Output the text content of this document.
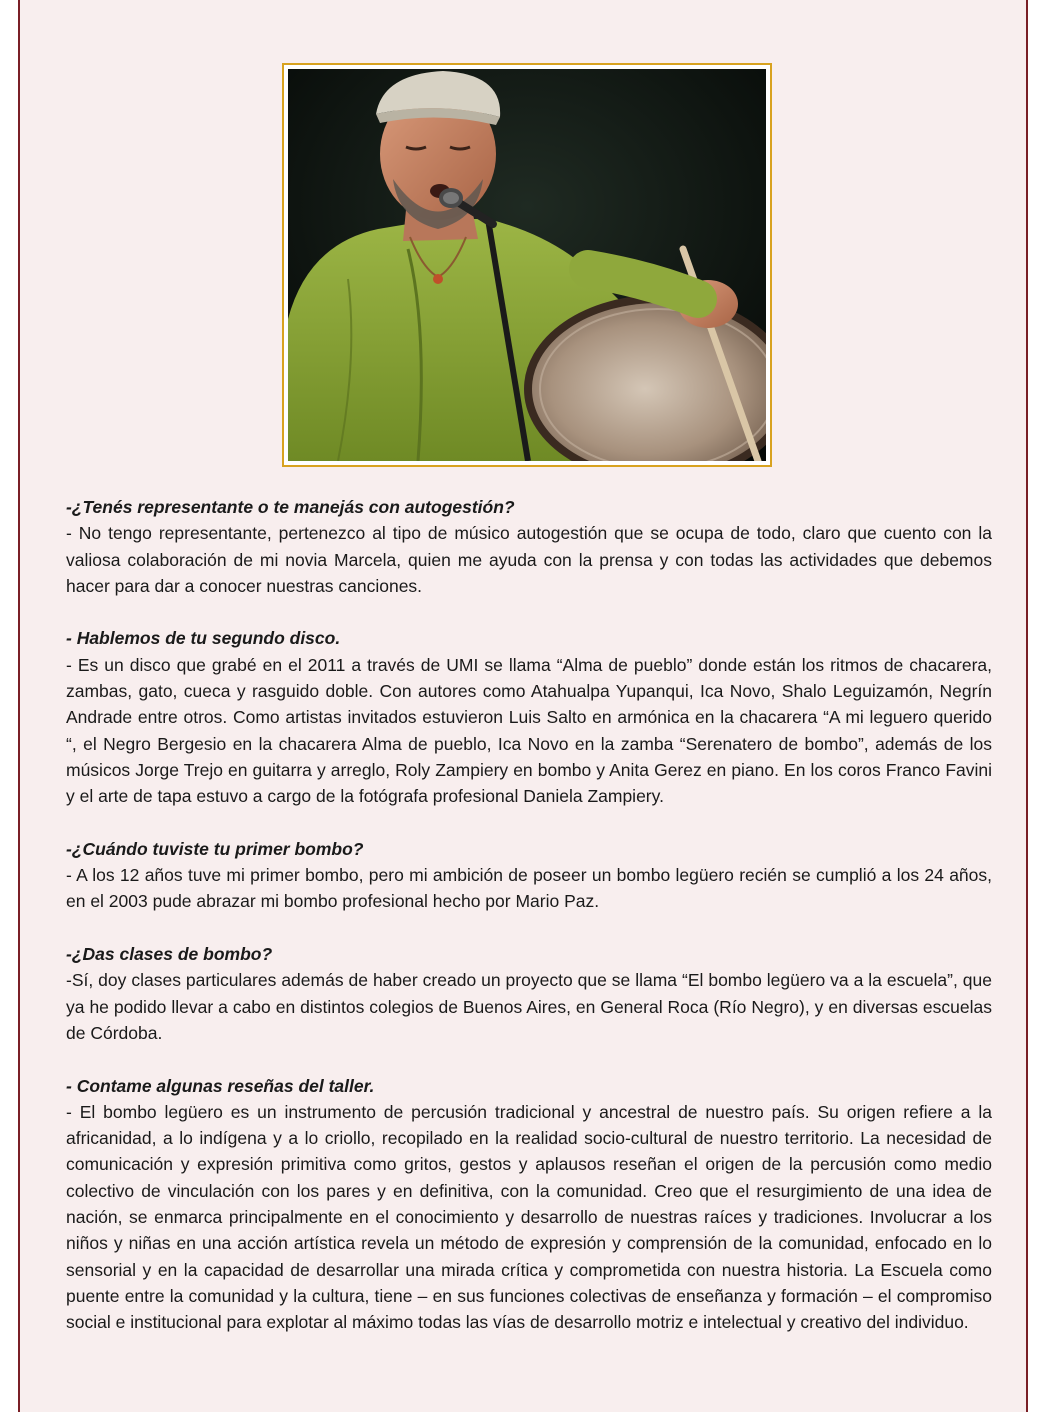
-¿Tenés representante o te manejás con autogestión?

- No tengo representante, pertenezco al tipo de músico autogestión que se ocupa de todo, claro que cuento con la valiosa colaboración de mi novia Marcela, quien me ayuda con la prensa y con todas las actividades que debemos hacer para dar a conocer nuestras canciones.

- Hablemos de tu segundo disco.

- Es un disco que grabé en el 2011 a través de UMI se llama “Alma de pueblo” donde están los ritmos de chacarera, zambas, gato, cueca y rasguido doble. Con autores como Atahualpa Yupanqui, Ica Novo, Shalo Leguizamón, Negrín Andrade entre otros. Como artistas invitados estuvieron Luis Salto en armónica en la chacarera “A mi leguero querido “, el Negro Bergesio en la chacarera Alma de pueblo, Ica Novo en la zamba “Serenatero de bombo”, además de los músicos Jorge Trejo en guitarra y arreglo, Roly Zampiery en bombo y Anita Gerez en piano. En los coros Franco Favini y el arte de tapa estuvo a cargo de la fotógrafa profesional Daniela Zampiery.

-¿Cuándo tuviste tu primer bombo?

- A los 12 años tuve mi primer bombo, pero mi ambición de poseer un bombo legüero recién se cumplió a los 24 años, en el 2003 pude abrazar mi bombo profesional hecho por Mario Paz.

-¿Das clases de bombo?

-Sí, doy clases particulares además de haber creado un proyecto que se llama “El bombo legüero va a la escuela”, que ya he podido llevar a cabo en distintos colegios de Buenos Aires, en General Roca (Río Negro), y en diversas escuelas de Córdoba.

- Contame algunas reseñas del taller.

- El bombo legüero es un instrumento de percusión tradicional y ancestral de nuestro país. Su origen refiere a la africanidad, a lo indígena y a lo criollo, recopilado en la realidad socio-cultural de nuestro territorio. La necesidad de comunicación y expresión primitiva como gritos, gestos y aplausos reseñan el origen de la percusión como medio colectivo de vinculación con los pares y en definitiva, con la comunidad. Creo que el resurgimiento de una idea de nación, se enmarca principalmente en el conocimiento y desarrollo de nuestras raíces y tradiciones. Involucrar a los niños y niñas en una acción artística revela un método de expresión y comprensión de la comunidad, enfocado en lo sensorial y en la capacidad de desarrollar una mirada crítica y comprometida con nuestra historia. La Escuela como puente entre la comunidad y la cultura, tiene – en sus funciones colectivas de enseñanza y formación – el compromiso social e institucional para explotar al máximo todas las vías de desarrollo motriz e intelectual y creativo del individuo.
